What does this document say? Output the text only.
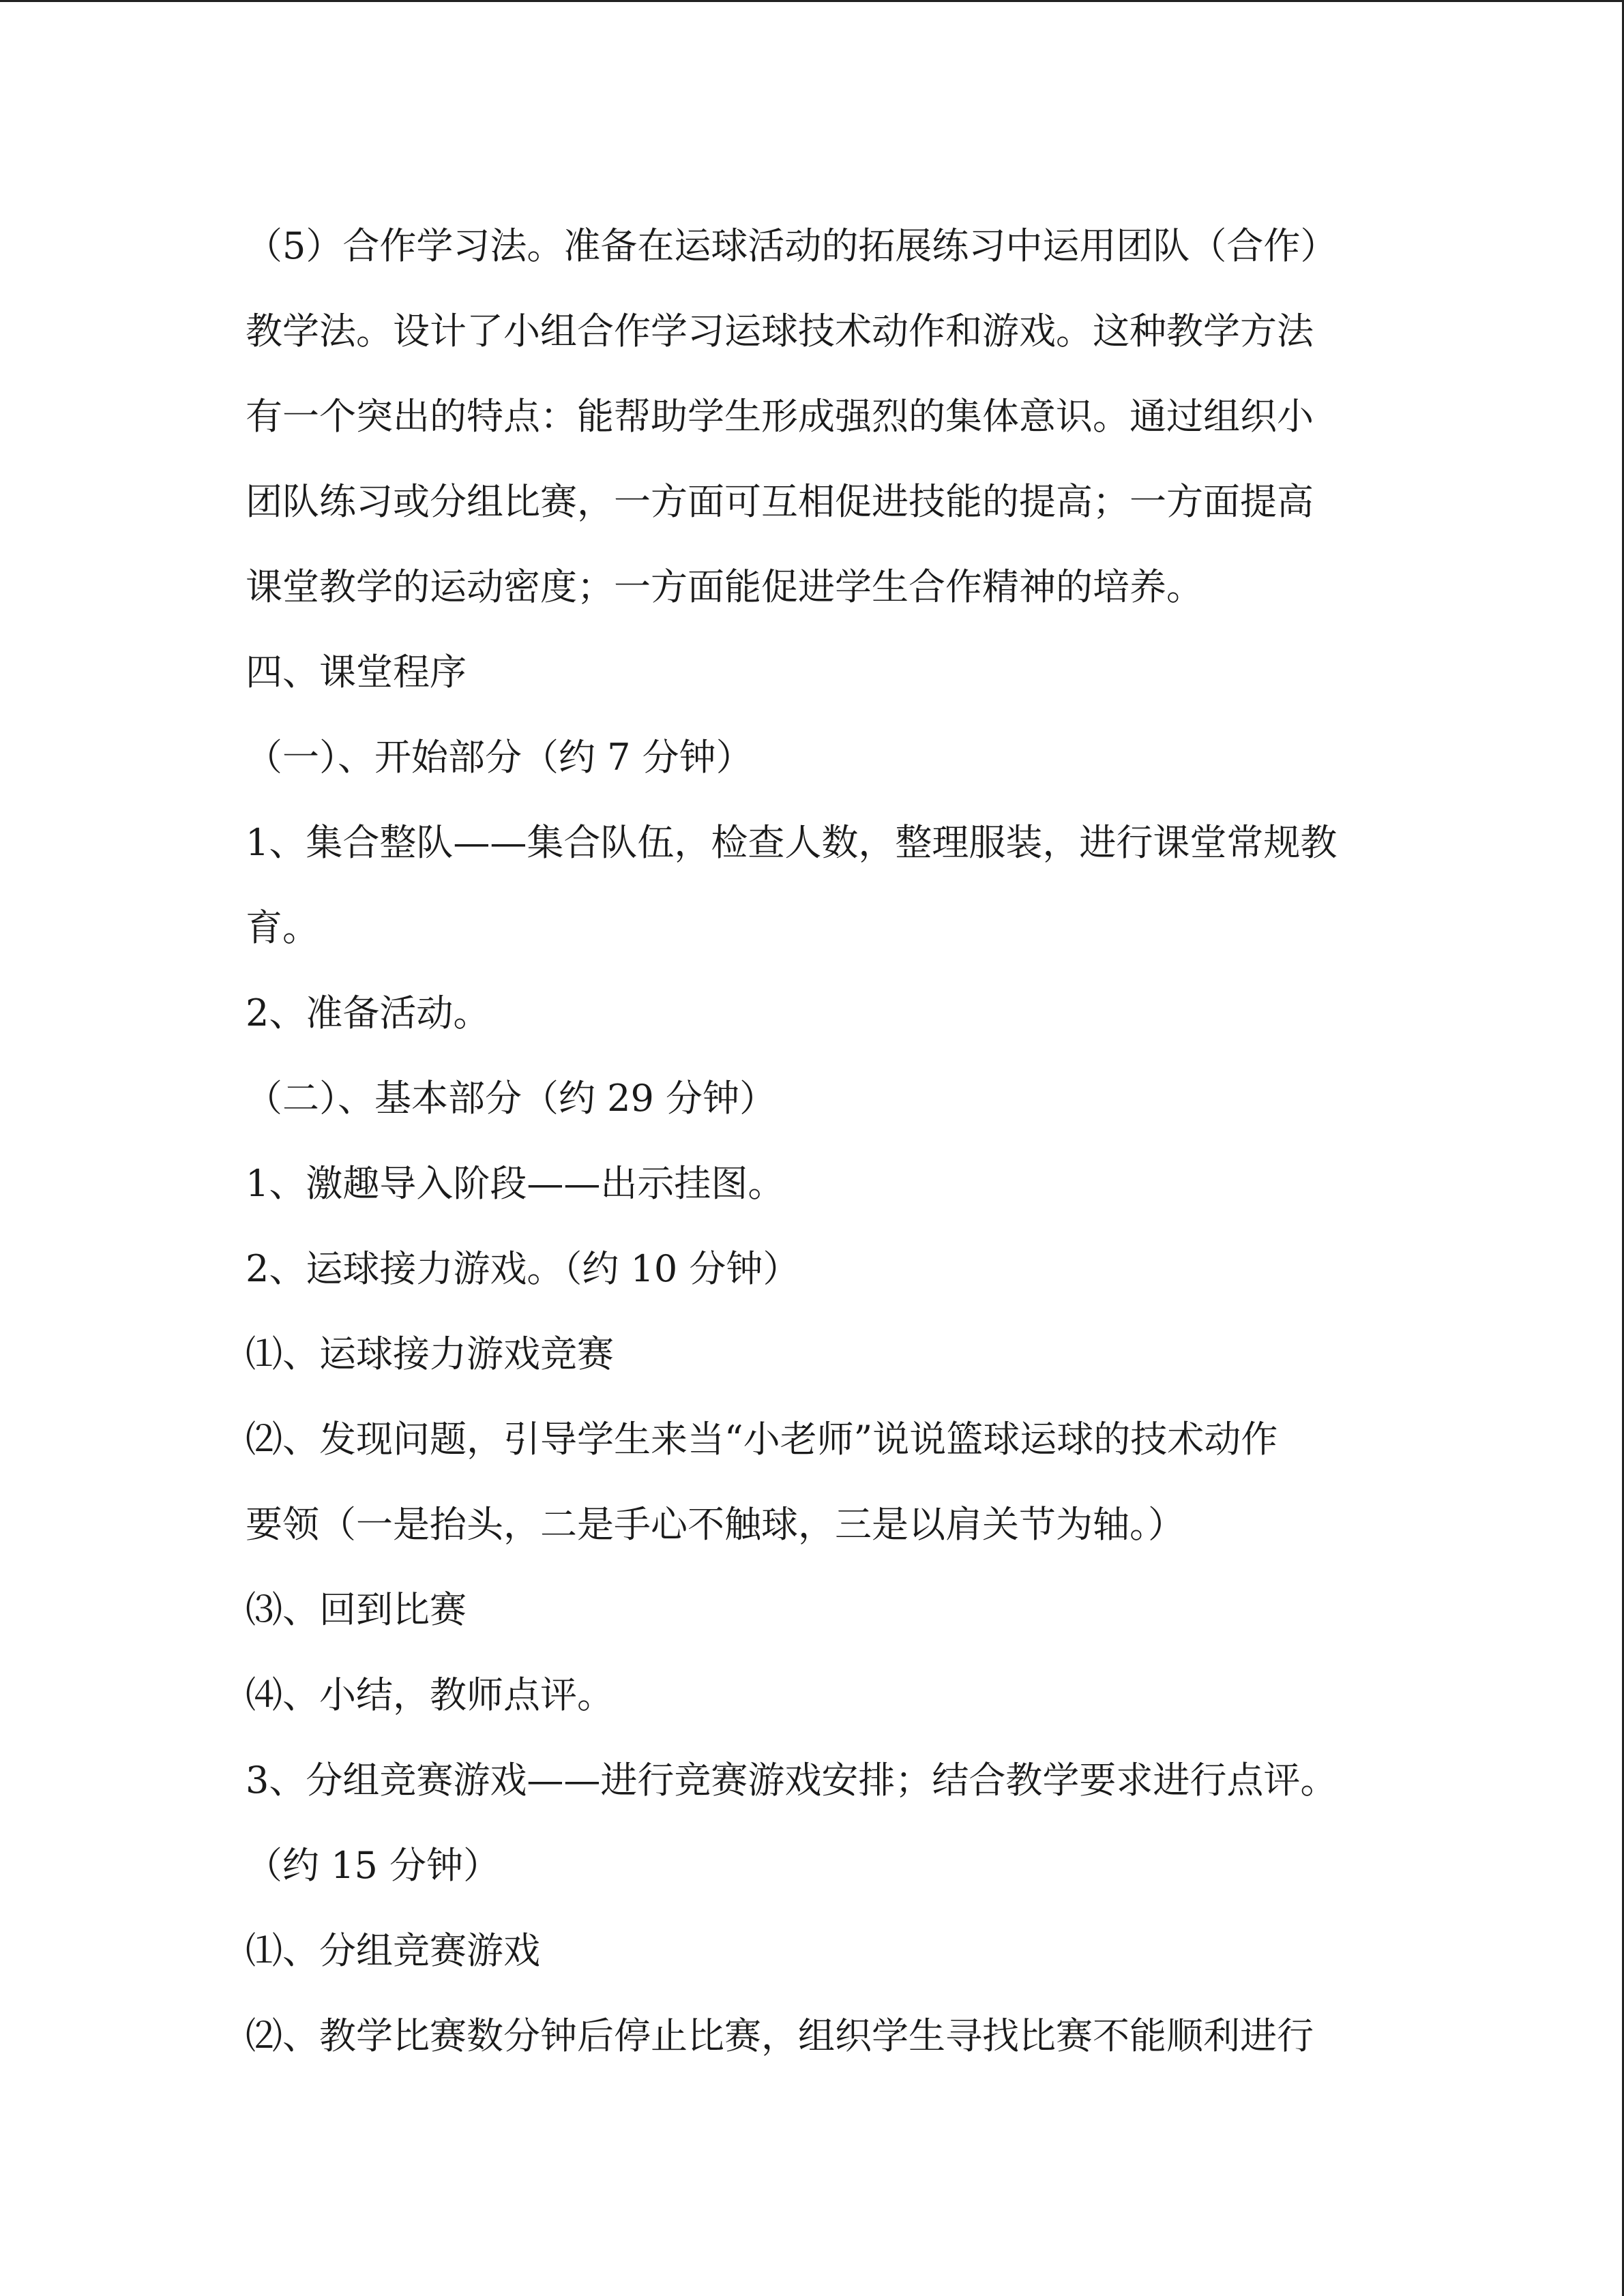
（5）合作学习法。准备在运球活动的拓展练习中运用团队（合作）
教学法。设计了小组合作学习运球技术动作和游戏。这种教学方法
有一个突出的特点：能帮助学生形成强烈的集体意识。通过组织小
团队练习或分组比赛，一方面可互相促进技能的提高；一方面提高
课堂教学的运动密度；一方面能促进学生合作精神的培养。
四、课堂程序
（一）、开始部分（约 7 分钟）
1、集合整队——集合队伍，检查人数，整理服装，进行课堂常规教
育。
2、准备活动。
（二）、基本部分（约 29 分钟）
1、激趣导入阶段——出示挂图。
2、运球接力游戏。（约 10 分钟）
⑴、运球接力游戏竞赛
⑵、发现问题，引导学生来当“小老师”说说篮球运球的技术动作
要领（一是抬头，二是手心不触球，三是以肩关节为轴。）
⑶、回到比赛
⑷、小结，教师点评。
3、分组竞赛游戏——进行竞赛游戏安排；结合教学要求进行点评。
（约 15 分钟）
⑴、分组竞赛游戏
⑵、教学比赛数分钟后停止比赛，组织学生寻找比赛不能顺利进行
